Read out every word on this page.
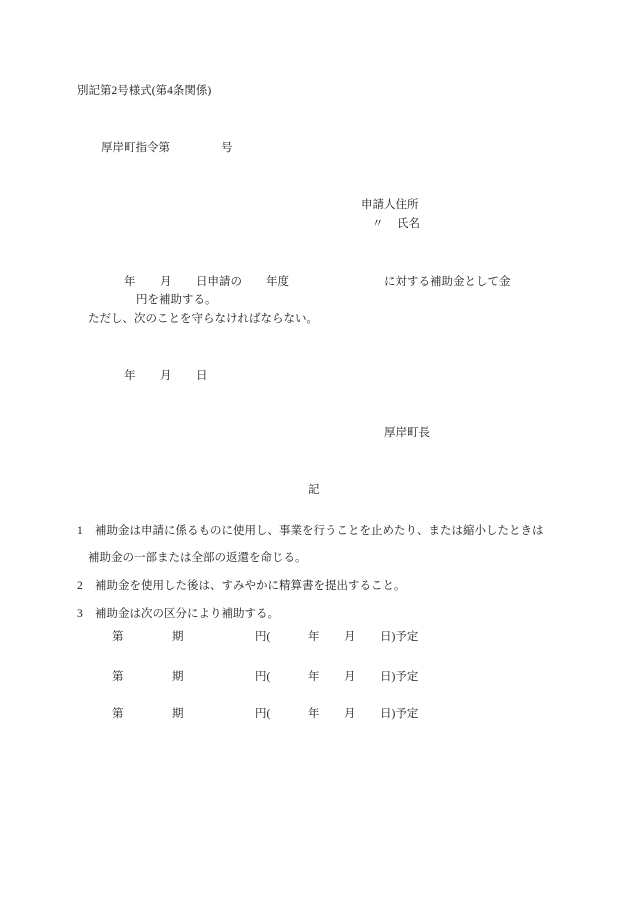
別記第2号様式(第4条関係)
厚岸町指令第	号
申請人住所
〃 氏名
年 月 日申請の 年度	に対する補助金として金
円を補助する。
ただし、次のことを守らなければならない。
年 月 日
厚岸町長
記
1 補助金は申請に係るものに使用し、事業を行うことを止めたり、または縮小したときは
補助金の一部または全部の返還を命じる。
2 補助金を使用した後は、すみやかに精算書を提出すること。
3 補助金は次の区分により補助する。
第	期	円(	年 月 日)予定
第	期	円(	年 月 日)予定
第	期	円(	年 月 日)予定
